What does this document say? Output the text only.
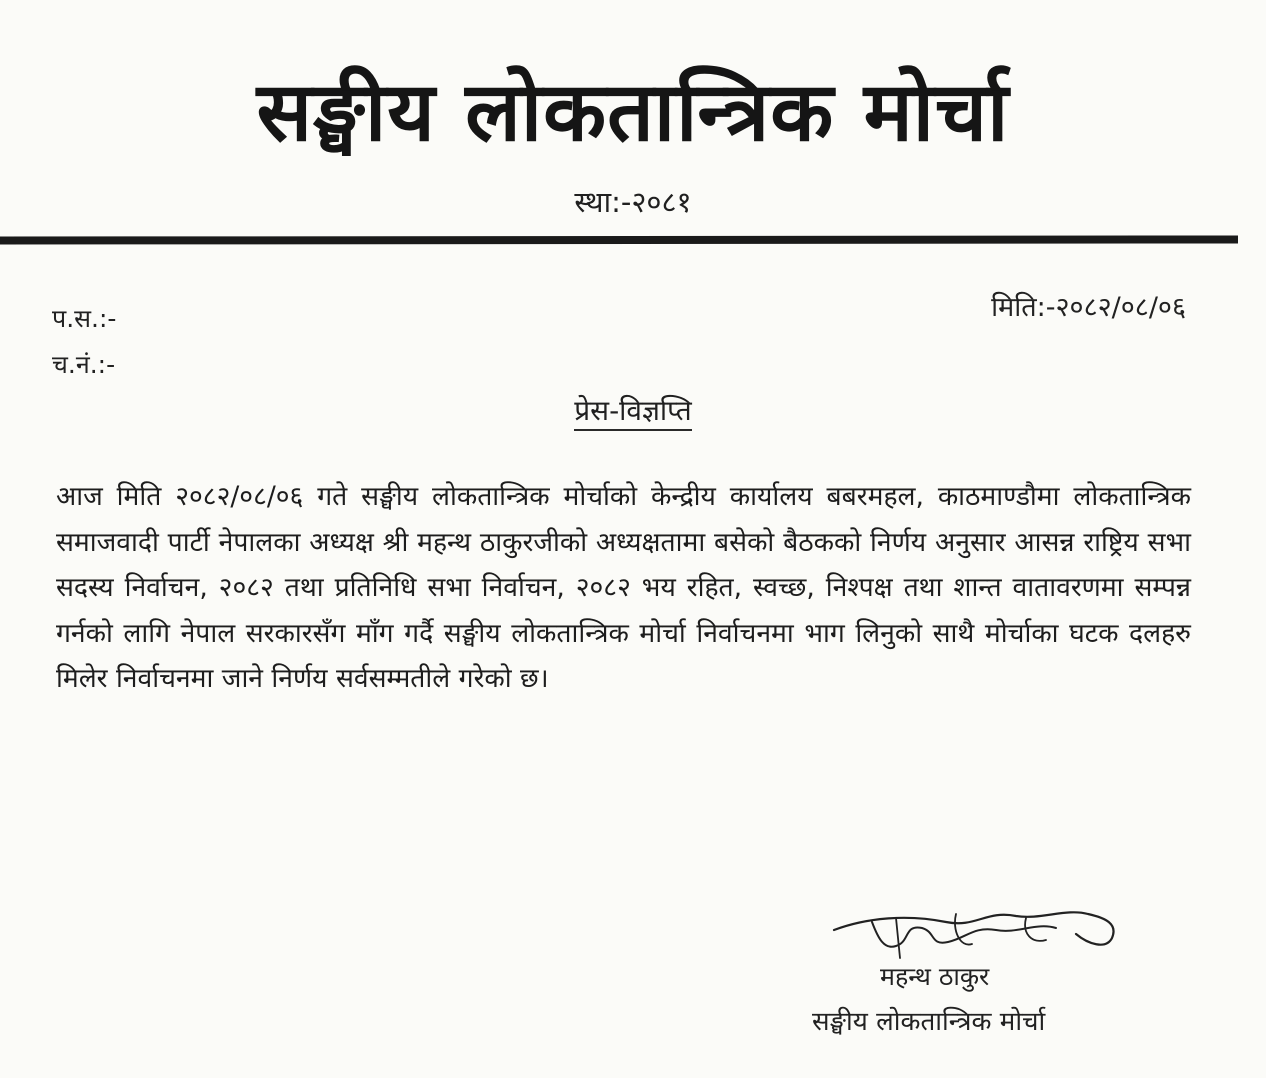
सङ्घीय लोकतान्त्रिक मोर्चा
स्था:-२०८१
प.स.:-
च.नं.:-
मिति:-२०८२/०८/०६
प्रेस-विज्ञप्ति
आज मिति २०८२/०८/०६ गते सङ्घीय लोकतान्त्रिक मोर्चाको केन्द्रीय कार्यालय बबरमहल, काठमाण्डौमा लोकतान्त्रिक समाजवादी पार्टी नेपालका अध्यक्ष श्री महन्थ ठाकुरजीको अध्यक्षतामा बसेको बैठकको निर्णय अनुसार आसन्न राष्ट्रिय सभा सदस्य निर्वाचन, २०८२ तथा प्रतिनिधि सभा निर्वाचन, २०८२ भय रहित, स्वच्छ, निश्पक्ष तथा शान्त वातावरणमा सम्पन्न गर्नको लागि नेपाल सरकारसँग माँग गर्दै सङ्घीय लोकतान्त्रिक मोर्चा निर्वाचनमा भाग लिनुको साथै मोर्चाका घटक दलहरु मिलेर निर्वाचनमा जाने निर्णय सर्वसम्मतीले गरेको छ।
महन्थ ठाकुर
सङ्घीय लोकतान्त्रिक मोर्चा
